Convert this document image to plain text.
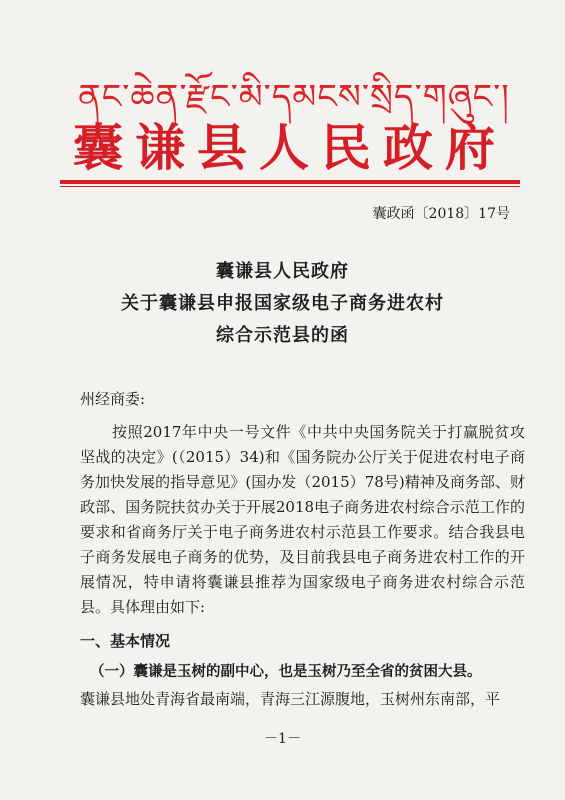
ནང་ཆེན་རྫོང་མི་དམངས་སྲིད་གཞུང་།
囊谦县人民政府
囊政函〔2018〕17号
囊谦县人民政府
关于囊谦县申报国家级电子商务进农村
综合示范县的函
州经商委:

按照2017年中央一号文件《中共中央国务院关于打赢脱贫攻坚战的决定》(（2015）34)和《国务院办公厅关于促进农村电子商务加快发展的指导意见》(国办发（2015）78号)精神及商务部、财政部、国务院扶贫办关于开展2018电子商务进农村综合示范工作的要求和省商务厅关于电子商务进农村示范县工作要求。结合我县电子商务发展电子商务的优势，及目前我县电子商务进农村工作的开展情况，特申请将囊谦县推荐为国家级电子商务进农村综合示范县。具体理由如下:

一、基本情况
（一）囊谦是玉树的副中心，也是玉树乃至全省的贫困大县。
囊谦县地处青海省最南端，青海三江源腹地，玉树州东南部，平
－1－
